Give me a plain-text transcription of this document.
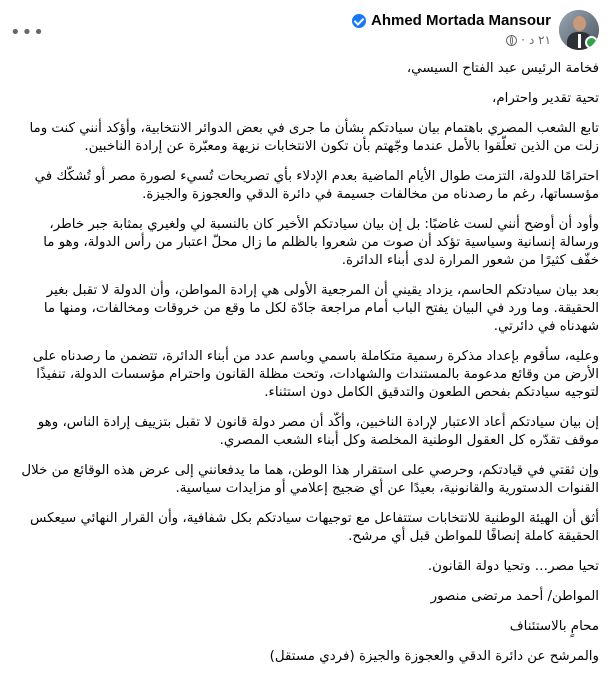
•••
Ahmed Mortada Mansour
· ٢١ د

فخامة الرئيس عبد الفتاح السيسي،

تحية تقدير واحترام،

تابع الشعب المصري باهتمام بيان سيادتكم بشأن ما جرى في بعض الدوائر الانتخابية، وأؤكد أنني كنت وما زلت من الذين تعلّقوا بالأمل عندما وجّهتم بأن تكون الانتخابات نزيهة ومعبّرة عن إرادة الناخبين.

احترامًا للدولة، التزمت طوال الأيام الماضية بعدم الإدلاء بأي تصريحات تُسيء لصورة مصر أو تُشكّك في مؤسساتها، رغم ما رصدناه من مخالفات جسيمة في دائرة الدقي والعجوزة والجيزة.

وأود أن أوضح أنني لست غاضبًا: بل إن بيان سيادتكم الأخير كان بالنسبة لي ولغيري بمثابة جبر خاطر، ورسالة إنسانية وسياسية تؤكد أن صوت من شعروا بالظلم ما زال محلّ اعتبار من رأس الدولة، وهو ما خفّف كثيرًا من شعور المرارة لدى أبناء الدائرة.

بعد بيان سيادتكم الحاسم، يزداد يقيني أن المرجعية الأولى هي إرادة المواطن، وأن الدولة لا تقبل بغير الحقيقة. وما ورد في البيان يفتح الباب أمام مراجعة جادّة لكل ما وقع من خروقات ومخالفات، ومنها ما شهدناه في دائرتي.

وعليه، سأقوم بإعداد مذكرة رسمية متكاملة باسمي وباسم عدد من أبناء الدائرة، تتضمن ما رصدناه على الأرض من وقائع مدعومة بالمستندات والشهادات، وتحت مظلة القانون واحترام مؤسسات الدولة، تنفيذًا لتوجيه سيادتكم بفحص الطعون والتدقيق الكامل دون استثناء.

إن بيان سيادتكم أعاد الاعتبار لإرادة الناخبين، وأكّد أن مصر دولة قانون لا تقبل بتزييف إرادة الناس، وهو موقف تقدّره كل العقول الوطنية المخلصة وكل أبناء الشعب المصري.

وإن ثقتي في قيادتكم، وحرصي على استقرار هذا الوطن، هما ما يدفعانني إلى عرض هذه الوقائع من خلال القنوات الدستورية والقانونية، بعيدًا عن أي ضجيج إعلامي أو مزايدات سياسية.

أثق أن الهيئة الوطنية للانتخابات ستتفاعل مع توجيهات سيادتكم بكل شفافية، وأن القرار النهائي سيعكس الحقيقة كاملة إنصافًا للمواطن قبل أي مرشح.

تحيا مصر… وتحيا دولة القانون.

المواطن/ أحمد مرتضى منصور

محامٍ بالاستئناف

والمرشح عن دائرة الدقي والعجوزة والجيزة (فردي مستقل)
